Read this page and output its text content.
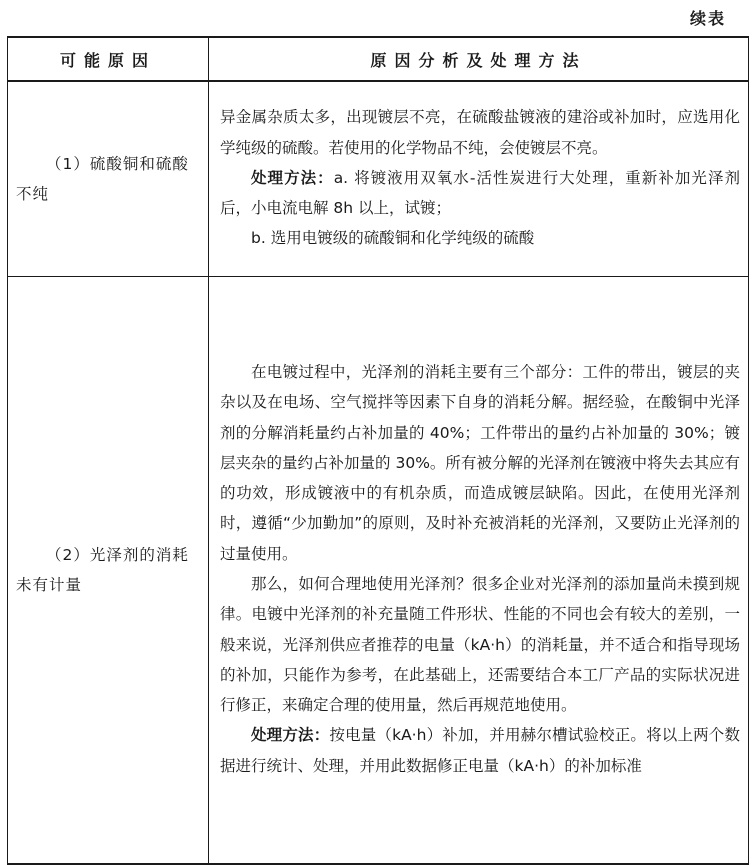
续表
可能原因	原因分析及处理方法

（1）硫酸铜和硫酸不纯	异金属杂质太多，出现镀层不亮，在硫酸盐镀液的建浴或补加时，应选用化学纯级的硫酸。若使用的化学物品不纯，会使镀层不亮。

处理方法：a. 将镀液用双氧水-活性炭进行大处理，重新补加光泽剂后，小电流电解 8h 以上，试镀；

b. 选用电镀级的硫酸铜和化学纯级的硫酸

（2）光泽剂的消耗未有计量	在电镀过程中，光泽剂的消耗主要有三个部分：工件的带出，镀层的夹杂以及在电场、空气搅拌等因素下自身的消耗分解。据经验，在酸铜中光泽剂的分解消耗量约占补加量的 40%；工件带出的量约占补加量的 30%；镀层夹杂的量约占补加量的 30%。所有被分解的光泽剂在镀液中将失去其应有的功效，形成镀液中的有机杂质，而造成镀层缺陷。因此，在使用光泽剂时，遵循“少加勤加”的原则，及时补充被消耗的光泽剂，又要防止光泽剂的过量使用。

那么，如何合理地使用光泽剂？很多企业对光泽剂的添加量尚未摸到规律。电镀中光泽剂的补充量随工件形状、性能的不同也会有较大的差别，一般来说，光泽剂供应者推荐的电量（kA·h）的消耗量，并不适合和指导现场的补加，只能作为参考，在此基础上，还需要结合本工厂产品的实际状况进行修正，来确定合理的使用量，然后再规范地使用。

处理方法：按电量（kA·h）补加，并用赫尔槽试验校正。将以上两个数据进行统计、处理，并用此数据修正电量（kA·h）的补加标准
